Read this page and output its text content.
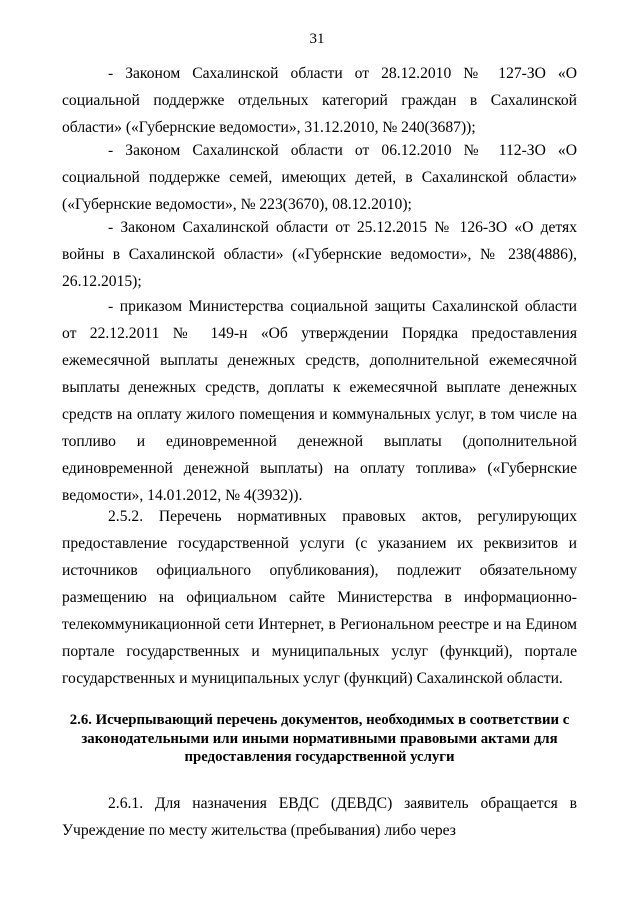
31

- Законом Сахалинской области от 28.12.2010 № 127-ЗО «О социальной поддержке отдельных категорий граждан в Сахалинской области» («Губернские ведомости», 31.12.2010, № 240(3687));

- Законом Сахалинской области от 06.12.2010 № 112-ЗО «О социальной поддержке семей, имеющих детей, в Сахалинской области» («Губернские ведомости», № 223(3670), 08.12.2010);

- Законом Сахалинской области от 25.12.2015 № 126-ЗО «О детях войны в Сахалинской области» («Губернские ведомости», № 238(4886), 26.12.2015);

- приказом Министерства социальной защиты Сахалинской области от 22.12.2011 № 149-н «Об утверждении Порядка предоставления ежемесячной выплаты денежных средств, дополнительной ежемесячной выплаты денежных средств, доплаты к ежемесячной выплате денежных средств на оплату жилого помещения и коммунальных услуг, в том числе на топливо и единовременной денежной выплаты (дополнительной единовременной денежной выплаты) на оплату топлива» («Губернские ведомости», 14.01.2012, № 4(3932)).

2.5.2. Перечень нормативных правовых актов, регулирующих предоставление государственной услуги (с указанием их реквизитов и источников официального опубликования), подлежит обязательному размещению на официальном сайте Министерства в информационно-телекоммуникационной сети Интернет, в Региональном реестре и на Едином портале государственных и муниципальных услуг (функций), портале государственных и муниципальных услуг (функций) Сахалинской области.

2.6. Исчерпывающий перечень документов, необходимых в соответствии с законодательными или иными нормативными правовыми актами для предоставления государственной услуги

2.6.1. Для назначения ЕВДС (ДЕВДС) заявитель обращается в Учреждение по месту жительства (пребывания) либо через
